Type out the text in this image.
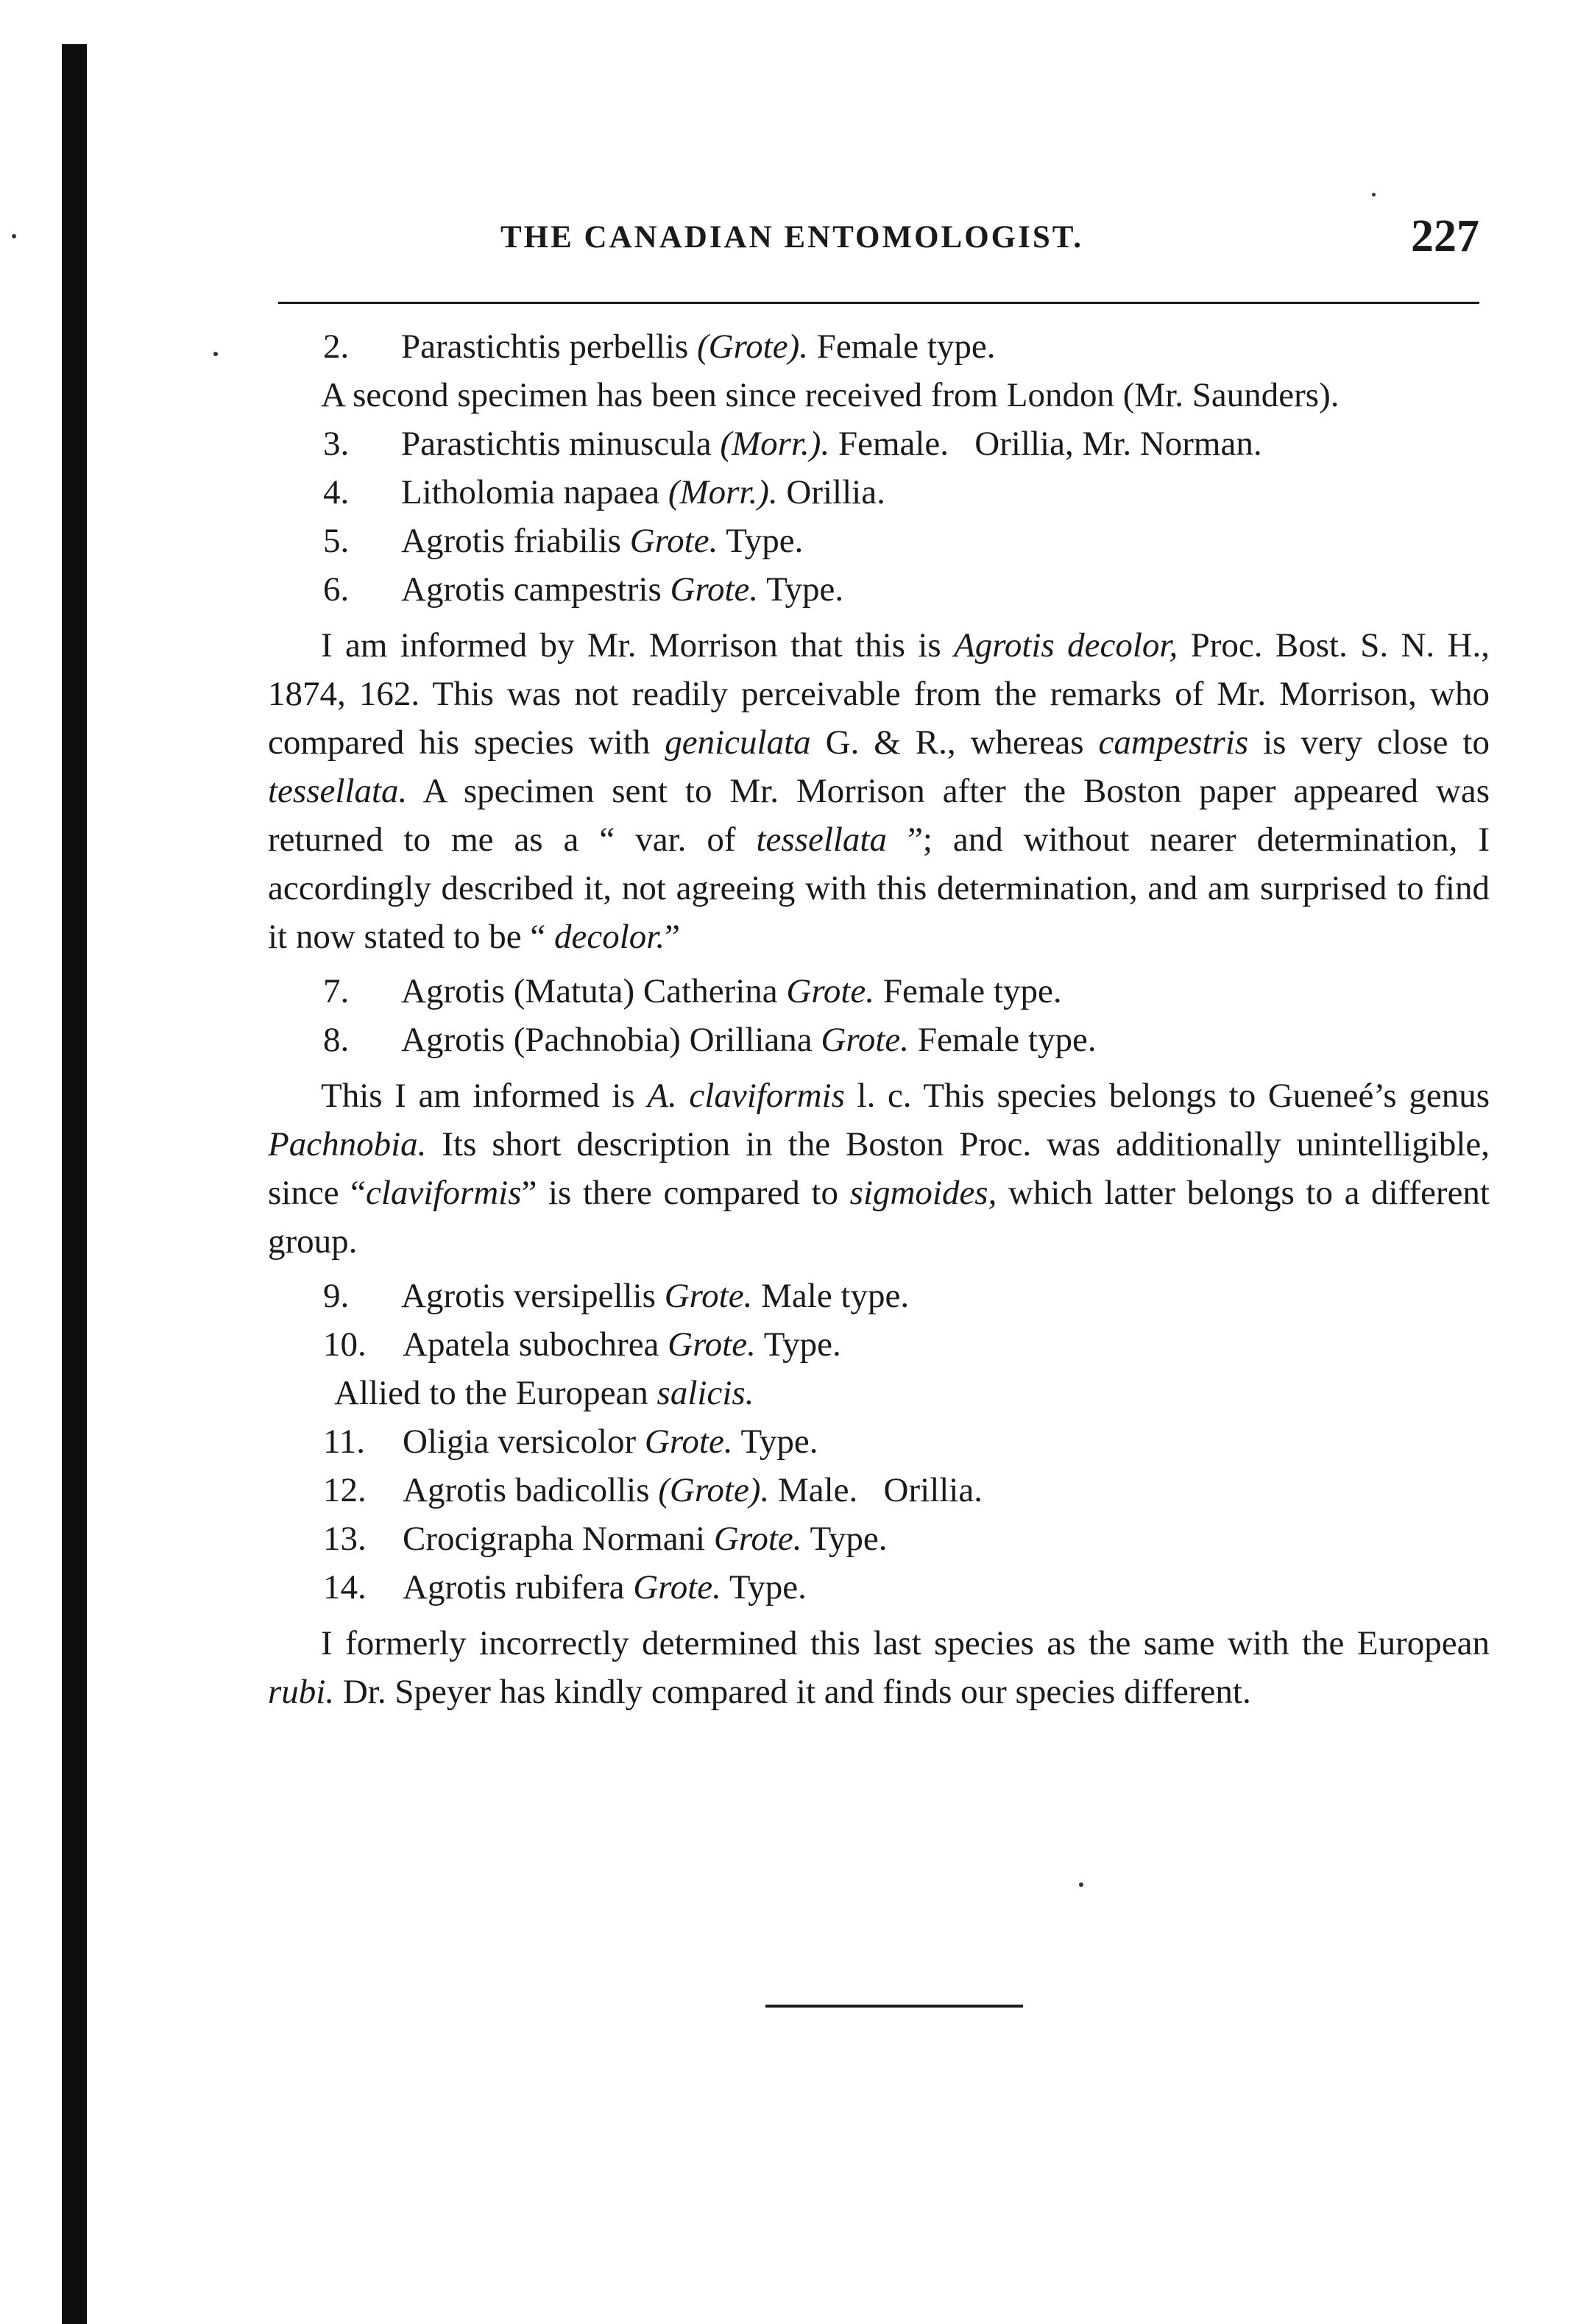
THE CANADIAN ENTOMOLOGIST.	227

2. Parastichtis perbellis (Grote). Female type.

A second specimen has been since received from London (Mr. Saunders).

3. Parastichtis minuscula (Morr.). Female.   Orillia, Mr. Norman.

4. Litholomia napaea (Morr.). Orillia.

5. Agrotis friabilis Grote. Type.

6. Agrotis campestris Grote. Type.

I am informed by Mr. Morrison that this is Agrotis decolor, Proc. Bost. S. N. H., 1874, 162. This was not readily perceivable from the remarks of Mr. Morrison, who compared his species with geniculata G. & R., whereas campestris is very close to tessellata. A specimen sent to Mr. Morrison after the Boston paper appeared was returned to me as a “ var. of tessellata ”; and without nearer determination, I accordingly described it, not agreeing with this determination, and am surprised to find it now stated to be “ decolor.”

7. Agrotis (Matuta) Catherina Grote. Female type.

8. Agrotis (Pachnobia) Orilliana Grote. Female type.

This I am informed is A. claviformis l. c. This species belongs to Gueneé’s genus Pachnobia. Its short description in the Boston Proc. was additionally unintelligible, since “claviformis” is there compared to sigmoides, which latter belongs to a different group.

9. Agrotis versipellis Grote. Male type.

10. Apatela subochrea Grote. Type.

Allied to the European salicis.

11. Oligia versicolor Grote. Type.

12. Agrotis badicollis (Grote). Male.   Orillia.

13. Crocigrapha Normani Grote. Type.

14. Agrotis rubifera Grote. Type.

I formerly incorrectly determined this last species as the same with the European rubi. Dr. Speyer has kindly compared it and finds our species different.
